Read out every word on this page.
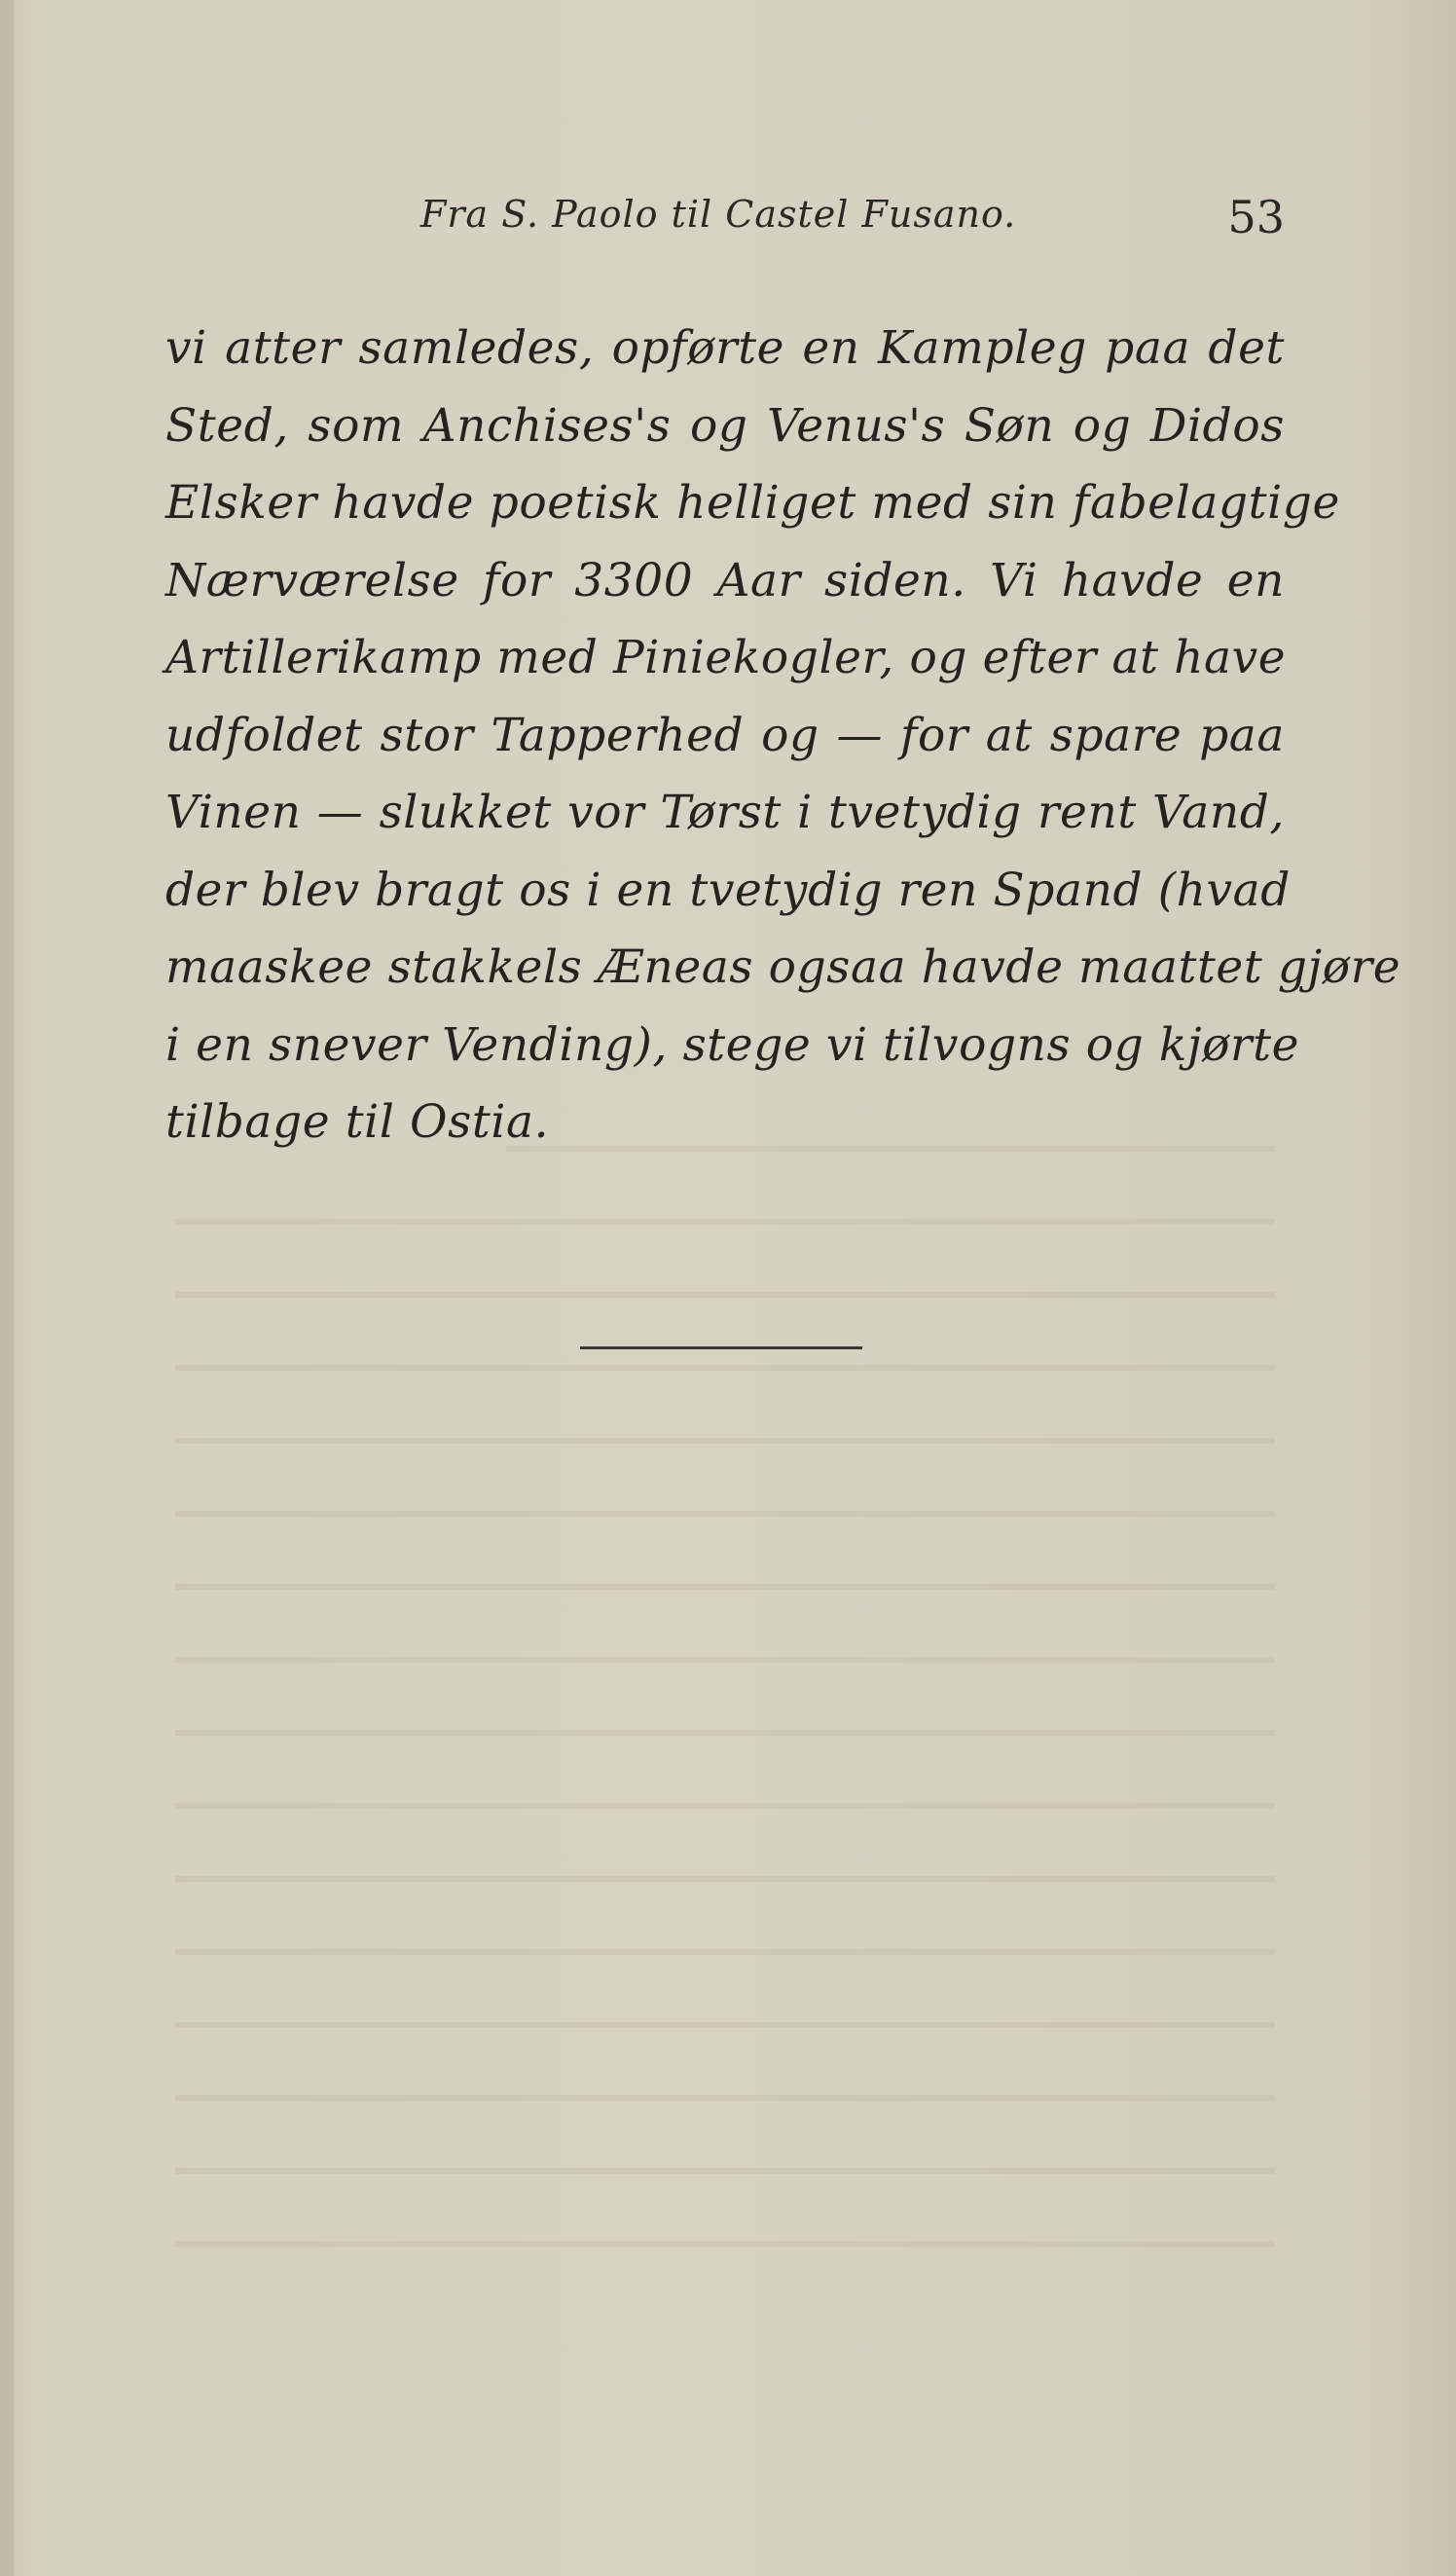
Fra S. Paolo til Castel Fusano.	53
vi atter samledes, opførte en Kampleg paa det
Sted, som Anchises's og Venus's Søn og Didos
Elsker havde poetisk helliget med sin fabelagtige
Nærværelse for 3300 Aar siden. Vi havde en
Artillerikamp med Piniekogler, og efter at have
udfoldet stor Tapperhed og — for at spare paa
Vinen — slukket vor Tørst i tvetydig rent Vand,
der blev bragt os i en tvetydig ren Spand (hvad
maaskee stakkels Æneas ogsaa havde maattet gjøre
i en snever Vending), stege vi tilvogns og kjørte
tilbage til Ostia.
